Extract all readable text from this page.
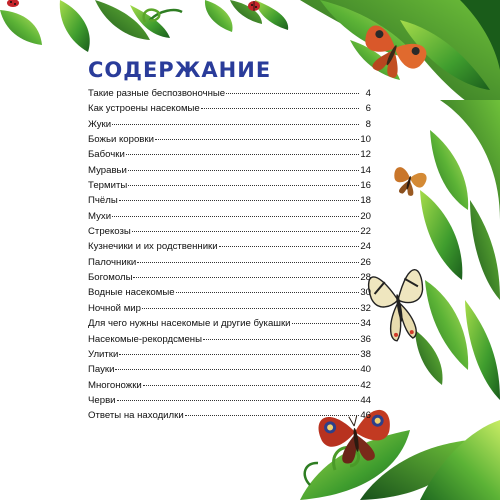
СОДЕРЖАНИЕ
Такие разные беспозвоночные	4
Как устроены насекомые	6
Жуки	8
Божьи коровки	10
Бабочки	12
Муравьи	14
Термиты	16
Пчёлы	18
Мухи	20
Стрекозы	22
Кузнечики и их родственники	24
Палочники	26
Богомолы	28
Водные насекомые	30
Ночной мир	32
Для чего нужны насекомые и другие букашки	34
Насекомые-рекордсмены	36
Улитки	38
Пауки	40
Многоножки	42
Черви	44
Ответы на находилки	46
